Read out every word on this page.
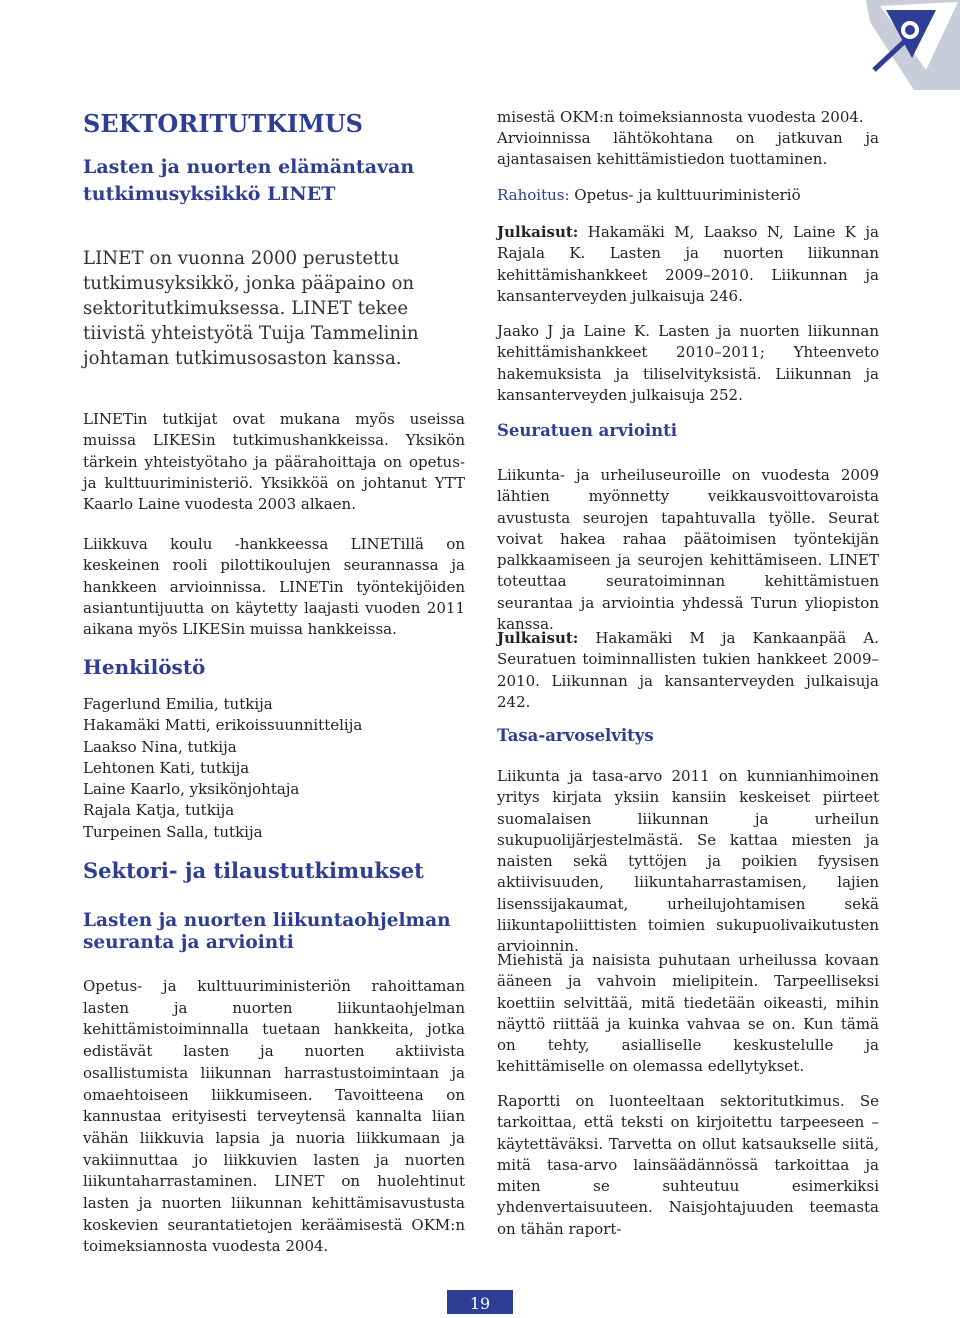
SEKTORITUTKIMUS
Lasten ja nuorten elämäntavan
tutkimusyksikkö LINET
LINET on vuonna 2000 perustettu
tutkimusyksikkö, jonka pääpaino on
sektoritutkimuksessa. LINET tekee
tiivistä yhteistyötä Tuija Tammelinin
johtaman tutkimusosaston kanssa.

LINETin tutkijat ovat mukana myös useissa muissa LIKESin tutkimushankkeissa. Yksikön tärkein yhteistyötaho ja päärahoittaja on opetus- ja kulttuuriministeriö. Yksikköä on johtanut YTT Kaarlo Laine vuodesta 2003 alkaen.

Liikkuva koulu -hankkeessa LINETillä on keskeinen rooli pilottikoulujen seurannassa ja hankkeen arvioinnissa. LINETin työntekijöiden asiantuntijuutta on käytetty laajasti vuoden 2011 aikana myös LIKESin muissa hankkeissa.

Henkilöstö

Fagerlund Emilia, tutkija

Hakamäki Matti, erikoissuunnittelija

Laakso Nina, tutkija

Lehtonen Kati, tutkija

Laine Kaarlo, yksikönjohtaja

Rajala Katja, tutkija

Turpeinen Salla, tutkija

Sektori- ja tilaustutkimukset
Lasten ja nuorten liikuntaohjelman
seuranta ja arviointi

Opetus- ja kulttuuriministeriön rahoittaman lasten ja nuorten liikuntaohjelman kehittämistoiminnalla tuetaan hankkeita, jotka edistävät lasten ja nuorten aktiivista osallistumista liikunnan harrastustoimintaan ja omaehtoiseen liikkumiseen. Tavoitteena on kannustaa erityisesti terveytensä kannalta liian vähän liikkuvia lapsia ja nuoria liikkumaan ja vakiinnuttaa jo liikkuvien lasten ja nuorten liikuntaharrastaminen. LINET on huolehtinut lasten ja nuorten liikunnan kehittämisavustusta koskevien seurantatietojen keräämisestä OKM:n toimeksiannosta vuodesta 2004.

misestä OKM:n toimeksiannosta vuodesta 2004.

Arvioinnissa lähtökohtana on jatkuvan ja ajantasaisen kehittämistiedon tuottaminen.

Rahoitus: Opetus- ja kulttuuriministeriö

Julkaisut: Hakamäki M, Laakso N, Laine K ja Rajala K. Lasten ja nuorten liikunnan kehittämishankkeet 2009–2010. Liikunnan ja kansanterveyden julkaisuja 246.

Jaako J ja Laine K. Lasten ja nuorten liikunnan kehittämishankkeet 2010–2011; Yhteenveto hakemuksista ja tiliselvityksistä. Liikunnan ja kansanterveyden julkaisuja 252.

Seuratuen arviointi

Liikunta- ja urheiluseuroille on vuodesta 2009 lähtien myönnetty veikkausvoittovaroista avustusta seurojen tapahtuvalla työlle. Seurat voivat hakea rahaa päätoimisen työntekijän palkkaamiseen ja seurojen kehittämiseen. LINET toteuttaa seuratoiminnan kehittämistuen seurantaa ja arviointia yhdessä Turun yliopiston kanssa.

Julkaisut: Hakamäki M ja Kankaanpää A. Seuratuen toiminnallisten tukien hankkeet 2009–2010. Liikunnan ja kansanterveyden julkaisuja 242.

Tasa-arvoselvitys

Liikunta ja tasa-arvo 2011 on kunnianhimoinen yritys kirjata yksiin kansiin keskeiset piirteet suomalaisen liikunnan ja urheilun sukupuolijärjestelmästä. Se kattaa miesten ja naisten sekä tyttöjen ja poikien fyysisen aktiivisuuden, liikuntaharrastamisen, lajien lisenssijakaumat, urheilujohtamisen sekä liikuntapoliittisten toimien sukupuolivaikutusten arvioinnin.

Miehistä ja naisista puhutaan urheilussa kovaan ääneen ja vahvoin mielipitein. Tarpeelliseksi koettiin selvittää, mitä tiedetään oikeasti, mihin näyttö riittää ja kuinka vahvaa se on. Kun tämä on tehty, asialliselle keskustelulle ja kehittämiselle on olemassa edellytykset.

Raportti on luonteeltaan sektoritutkimus. Se tarkoittaa, että teksti on kirjoitettu tarpeeseen – käytettäväksi. Tarvetta on ollut katsaukselle siitä, mitä tasa-arvo lainsäädännössä tarkoittaa ja miten se suhteutuu esimerkiksi yhdenvertaisuuteen. Naisjohtajuuden teemasta on tähän raport-

19
